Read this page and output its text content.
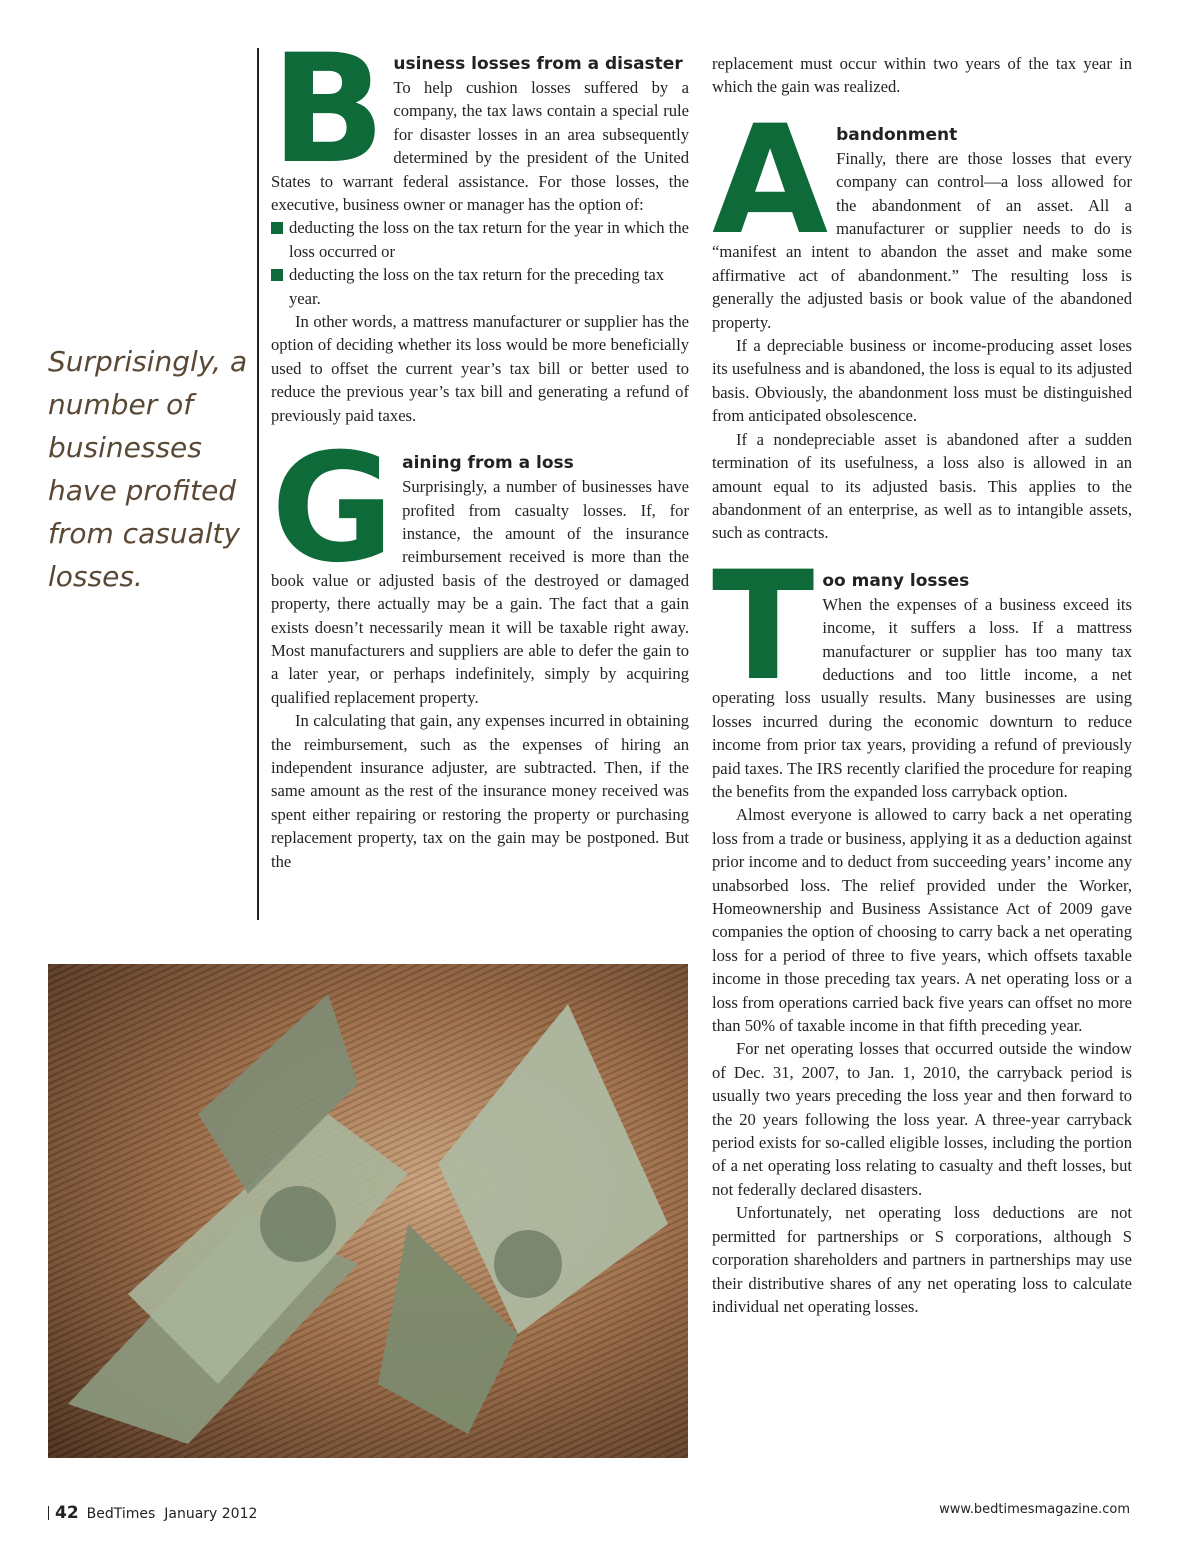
Surprisingly, a number of businesses have profited from casualty losses.
B usiness losses from a disaster

To help cushion losses suffered by a company, the tax laws contain a special rule for disaster losses in an area subsequently determined by the president of the United States to warrant federal assistance. For those losses, the executive, business owner or manager has the option of:

deducting the loss on the tax return for the year in which the loss occurred or
deducting the loss on the tax return for the preceding tax year.

In other words, a mattress manufacturer or supplier has the option of deciding whether its loss would be more beneficially used to offset the current year’s tax bill or better used to reduce the previous year’s tax bill and generating a refund of previously paid taxes.

G aining from a loss

Surprisingly, a number of businesses have profited from casualty losses. If, for instance, the amount of the insurance reimbursement received is more than the book value or adjusted basis of the destroyed or damaged property, there actually may be a gain. The fact that a gain exists doesn’t necessarily mean it will be taxable right away. Most manufacturers and suppliers are able to defer the gain to a later year, or perhaps indefinitely, simply by acquiring qualified replacement property.

In calculating that gain, any expenses incurred in obtaining the reimbursement, such as the expenses of hiring an independent insurance adjuster, are subtracted. Then, if the same amount as the rest of the insurance money received was spent either repairing or restoring the property or purchasing replacement property, tax on the gain may be postponed. But the

replacement must occur within two years of the tax year in which the gain was realized.

A bandonment

Finally, there are those losses that every company can control—a loss allowed for the abandonment of an asset. All a manufacturer or supplier needs to do is “manifest an intent to abandon the asset and make some affirmative act of abandonment.” The resulting loss is generally the adjusted basis or book value of the abandoned property.

If a depreciable business or income-producing asset loses its usefulness and is abandoned, the loss is equal to its adjusted basis. Obviously, the abandonment loss must be distinguished from anticipated obsolescence.

If a nondepreciable asset is abandoned after a sudden termination of its usefulness, a loss also is allowed in an amount equal to its adjusted basis. This applies to the abandonment of an enterprise, as well as to intangible assets, such as contracts.

T oo many losses

When the expenses of a business exceed its income, it suffers a loss. If a mattress manufacturer or supplier has too many tax deductions and too little income, a net operating loss usually results. Many businesses are using losses incurred during the economic downturn to reduce income from prior tax years, providing a refund of previously paid taxes. The IRS recently clarified the procedure for reaping the benefits from the expanded loss carryback option.

Almost everyone is allowed to carry back a net operating loss from a trade or business, applying it as a deduction against prior income and to deduct from succeeding years’ income any unabsorbed loss. The relief provided under the Worker, Homeownership and Business Assistance Act of 2009 gave companies the option of choosing to carry back a net operating loss for a period of three to five years, which offsets taxable income in those preceding tax years. A net operating loss or a loss from operations carried back five years can offset no more than 50% of taxable income in that fifth preceding year.

For net operating losses that occurred outside the window of Dec. 31, 2007, to Jan. 1, 2010, the carryback period is usually two years preceding the loss year and then forward to the 20 years following the loss year. A three-year carryback period exists for so-called eligible losses, including the portion of a net operating loss relating to casualty and theft losses, but not federally declared disasters.

Unfortunately, net operating loss deductions are not permitted for partnerships or S corporations, although S corporation shareholders and partners in partnerships may use their distributive shares of any net operating loss to calculate individual net operating losses.

42 BedTimes January 2012	www.bedtimesmagazine.com
